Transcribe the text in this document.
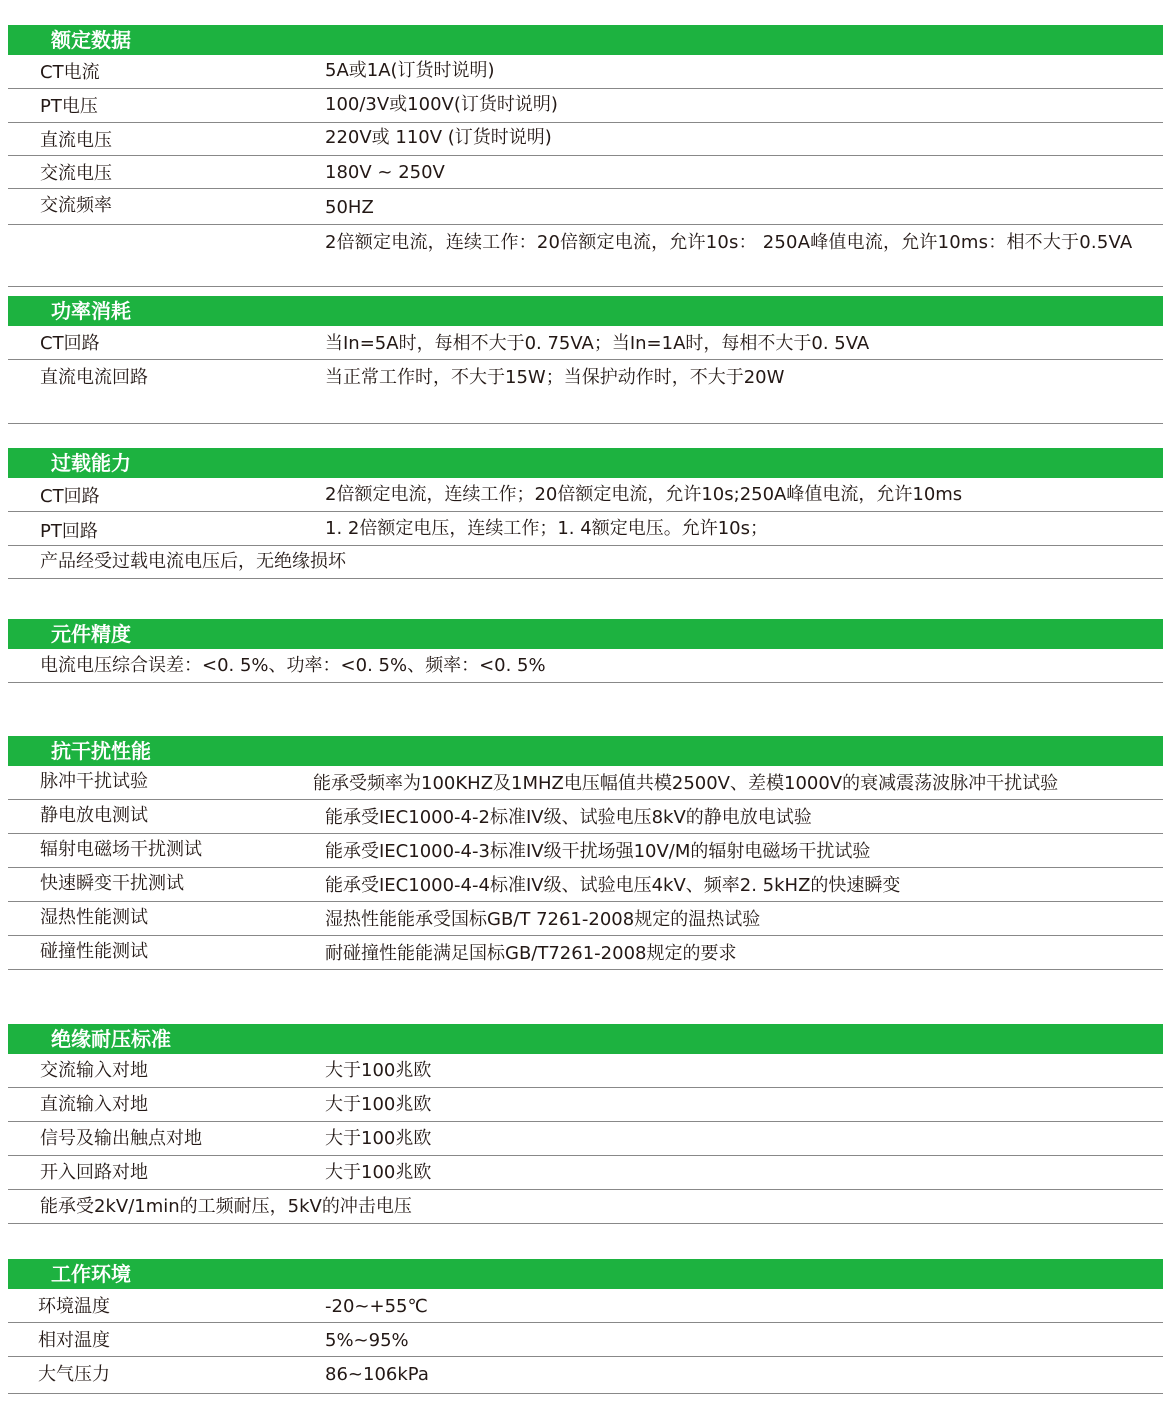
额定数据
CT电流	5A或1A(订货时说明)
PT电压	100/3V或100V(订货时说明)
直流电压	220V或 110V (订货时说明)
交流电压	180V ~ 250V
交流频率	50HZ
2倍额定电流，连续工作：20倍额定电流，允许10s： 250A峰值电流，允许10ms：相不大于0.5VA
功率消耗
CT回路	当In=5A时，每相不大于0. 75VA；当In=1A时，每相不大于0. 5VA
直流电流回路	当正常工作时，不大于15W；当保护动作时，不大于20W
过载能力
CT回路	2倍额定电流，连续工作；20倍额定电流，允许10s;250A峰值电流，允许10ms
PT回路	1. 2倍额定电压，连续工作；1. 4额定电压。允许10s；
产品经受过载电流电压后，无绝缘损坏
元件精度
电流电压综合误差：<0. 5%、功率：<0. 5%、频率：<0. 5%
抗干扰性能
脉冲干扰试验	能承受频率为100KHZ及1MHZ电压幅值共模2500V、差模1000V的衰减震荡波脉冲干扰试验
静电放电测试	能承受IEC1000-4-2标准IV级、试验电压8kV的静电放电试验
辐射电磁场干扰测试	能承受IEC1000-4-3标准IV级干扰场强10V/M的辐射电磁场干扰试验
快速瞬变干扰测试	能承受IEC1000-4-4标准IV级、试验电压4kV、频率2. 5kHZ的快速瞬变
湿热性能测试	湿热性能能承受国标GB/T 7261-2008规定的温热试验
碰撞性能测试	耐碰撞性能能满足国标GB/T7261-2008规定的要求
绝缘耐压标准
交流输入对地	大于100兆欧
直流输入对地	大于100兆欧
信号及输出触点对地	大于100兆欧
开入回路对地	大于100兆欧
能承受2kV/1min的工频耐压，5kV的冲击电压
工作环境
环境温度	-20~+55℃
相对温度	5%~95%
大气压力	86~106kPa
